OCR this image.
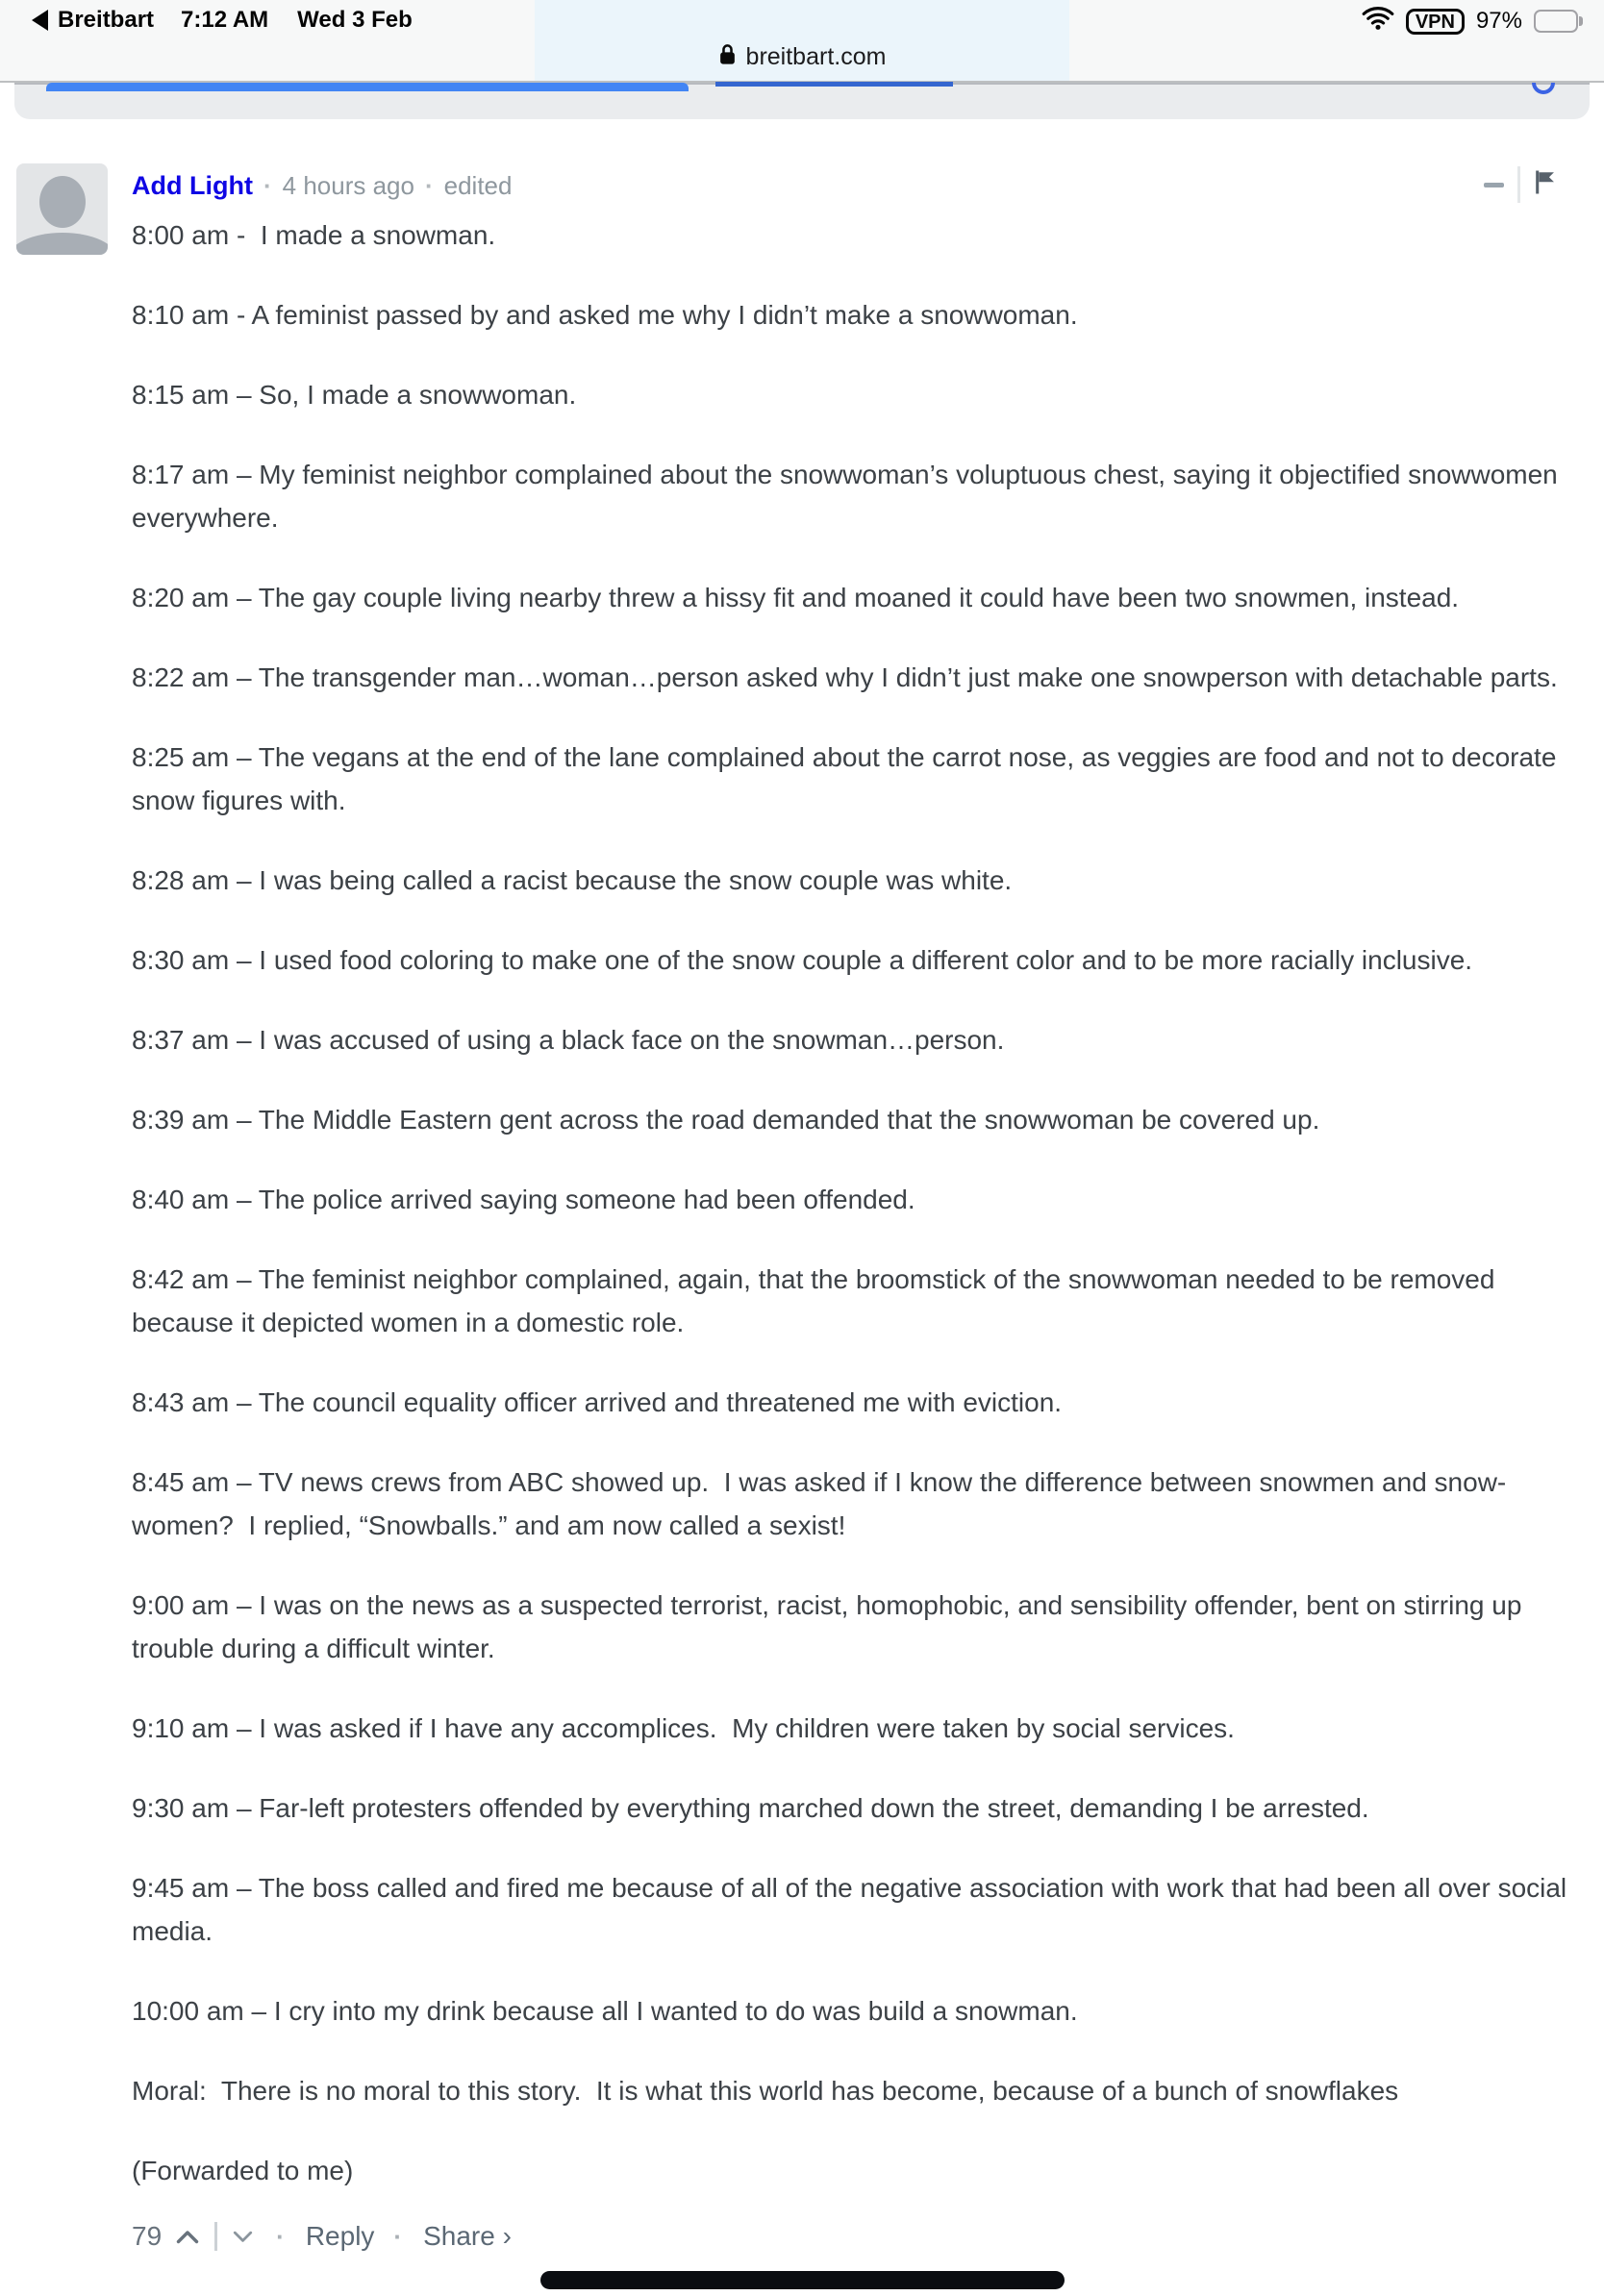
Breitbart 7:12 AM Wed 3 Feb	VPN 97%
breitbart.com
Add Light · 4 hours ago · edited

8:00 am -  I made a snowman.

8:10 am - A feminist passed by and asked me why I didn’t make a snowwoman.

8:15 am – So, I made a snowwoman.

8:17 am – My feminist neighbor complained about the snowwoman’s voluptuous chest, saying it objectified snowwomen everywhere.

8:20 am – The gay couple living nearby threw a hissy fit and moaned it could have been two snowmen, instead.

8:22 am – The transgender man…woman…person asked why I didn’t just make one snowperson with detachable parts.

8:25 am – The vegans at the end of the lane complained about the carrot nose, as veggies are food and not to decorate snow figures with.

8:28 am – I was being called a racist because the snow couple was white.

8:30 am – I used food coloring to make one of the snow couple a different color and to be more racially inclusive.

8:37 am – I was accused of using a black face on the snowman…person.

8:39 am – The Middle Eastern gent across the road demanded that the snowwoman be covered up.

8:40 am – The police arrived saying someone had been offended.

8:42 am – The feminist neighbor complained, again, that the broomstick of the snowwoman needed to be removed because it depicted women in a domestic role.

8:43 am – The council equality officer arrived and threatened me with eviction.

8:45 am – TV news crews from ABC showed up.  I was asked if I know the difference between snowmen and snow-women?  I replied, “Snowballs.” and am now called a sexist!

9:00 am – I was on the news as a suspected terrorist, racist, homophobic, and sensibility offender, bent on stirring up trouble during a difficult winter.

9:10 am – I was asked if I have any accomplices.  My children were taken by social services.

9:30 am – Far-left protesters offended by everything marched down the street, demanding I be arrested.

9:45 am – The boss called and fired me because of all of the negative association with work that had been all over social media.

10:00 am – I cry into my drink because all I wanted to do was build a snowman.

Moral:  There is no moral to this story.  It is what this world has become, because of a bunch of snowflakes

(Forwarded to me)

79	· Reply · Share ›
